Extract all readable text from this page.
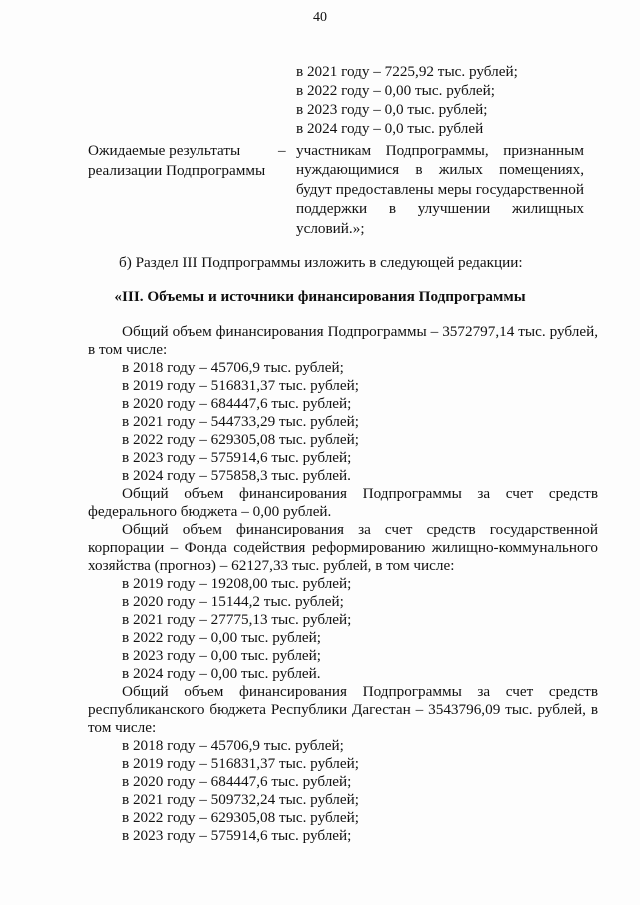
40
в 2021 году – 7225,92 тыс. рублей;
в 2022 году – 0,00 тыс. рублей;
в 2023 году – 0,0 тыс. рублей;
в 2024 году – 0,0 тыс. рублей
Ожидаемые результаты реализации Подпрограммы
– участникам Подпрограммы, признанным нуждающимися в жилых помещениях, будут предоставлены меры государственной поддержки в улучшении жилищных условий.»;
б) Раздел III Подпрограммы изложить в следующей редакции:
«III. Объемы и источники финансирования Подпрограммы

Общий объем финансирования Подпрограммы – 3572797,14 тыс. рублей, в том числе:

в 2018 году – 45706,9 тыс. рублей;
в 2019 году – 516831,37 тыс. рублей;
в 2020 году – 684447,6 тыс. рублей;
в 2021 году – 544733,29 тыс. рублей;
в 2022 году – 629305,08 тыс. рублей;
в 2023 году – 575914,6 тыс. рублей;
в 2024 году – 575858,3 тыс. рублей.

Общий объем финансирования Подпрограммы за счет средств федерального бюджета – 0,00 рублей.

Общий объем финансирования за счет средств государственной корпорации – Фонда содействия реформированию жилищно-коммунального хозяйства (прогноз) – 62127,33 тыс. рублей, в том числе:

в 2019 году – 19208,00 тыс. рублей;
в 2020 году – 15144,2 тыс. рублей;
в 2021 году – 27775,13 тыс. рублей;
в 2022 году – 0,00 тыс. рублей;
в 2023 году – 0,00 тыс. рублей;
в 2024 году – 0,00 тыс. рублей.

Общий объем финансирования Подпрограммы за счет средств республиканского бюджета Республики Дагестан – 3543796,09 тыс. рублей, в том числе:

в 2018 году – 45706,9 тыс. рублей;
в 2019 году – 516831,37 тыс. рублей;
в 2020 году – 684447,6 тыс. рублей;
в 2021 году – 509732,24 тыс. рублей;
в 2022 году – 629305,08 тыс. рублей;
в 2023 году – 575914,6 тыс. рублей;
